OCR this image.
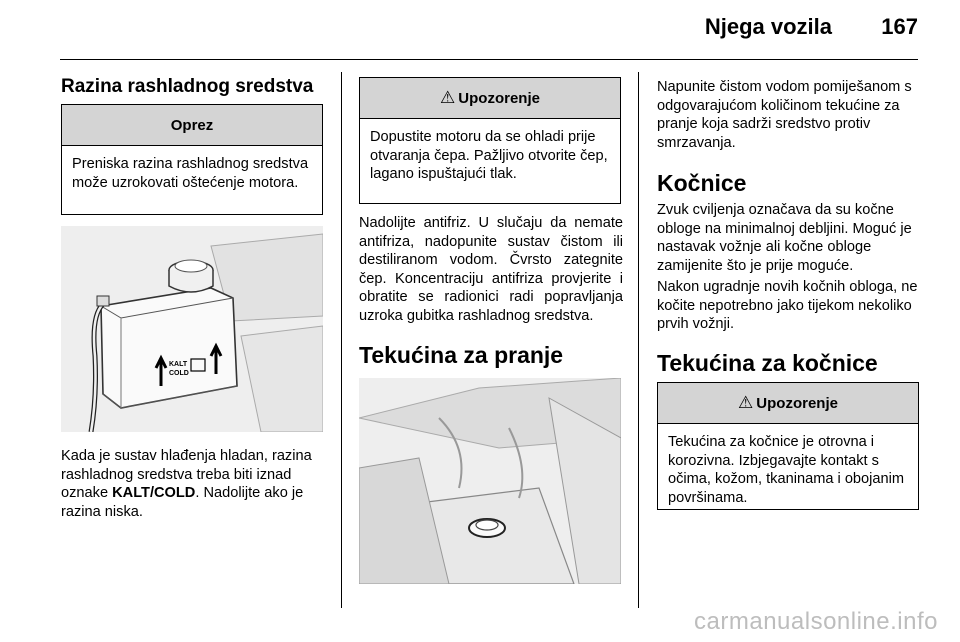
Njega vozila 167
Razina rashladnog sredstva
Oprez
Preniska razina rashladnog sredstva može uzrokovati oštećenje motora.
KALT
COLD
Kada je sustav hlađenja hladan, razina rashladnog sredstva treba biti iznad oznake KALT/COLD. Nadolijte ako je razina niska.
⚠ Upozorenje
Dopustite motoru da se ohladi prije otvaranja čepa. Pažljivo otvorite čep, lagano ispuštajući tlak.
Nadolijte antifriz. U slučaju da nemate antifriza, nadopunite sustav čistom ili destiliranom vodom. Čvrsto zategnite čep. Koncentraciju antifriza provjerite i obratite se radionici radi popravljanja uzroka gubitka rashladnog sredstva.
Tekućina za pranje
Napunite čistom vodom pomiješanom s odgovarajućom količinom tekućine za pranje koja sadrži sredstvo protiv smrzavanja.
Kočnice
Zvuk cviljenja označava da su kočne obloge na minimalnoj debljini. Moguć je nastavak vožnje ali kočne obloge zamijenite što je prije moguće.
Nakon ugradnje novih kočnih obloga, ne kočite nepotrebno jako tijekom nekoliko prvih vožnji.
Tekućina za kočnice
⚠ Upozorenje
Tekućina za kočnice je otrovna i korozivna. Izbjegavajte kontakt s očima, kožom, tkaninama i obojanim površinama.
carmanualsonline.info
